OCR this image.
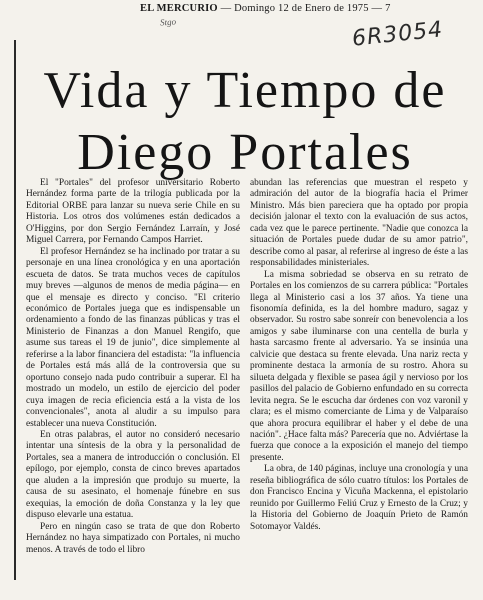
EL MERCURIO — Domingo 12 de Enero de 1975 — 7
Stgo	6R3054
Vida y Tiempo de
Diego Portales

El "Portales" del profesor universitario Roberto Hernández forma parte de la trilogía publicada por la Editorial ORBE para lanzar su nueva serie Chile en su Historia. Los otros dos volúmenes están dedicados a O'Higgins, por don Sergio Fernández Larraín, y José Miguel Carrera, por Fernando Campos Harriet.

El profesor Hernández se ha inclinado por tratar a su personaje en una línea cronológica y en una aportación escueta de datos. Se trata muchos veces de capítulos muy breves —algunos de menos de media página— en que el mensaje es directo y conciso. "El criterio económico de Portales juega que es indispensable un ordenamiento a fondo de las finanzas públicas y tras el Ministerio de Finanzas a don Manuel Rengifo, que asume sus tareas el 19 de junio", dice simplemente al referirse a la labor financiera del estadista: "la influencia de Portales está más allá de la controversia que su oportuno consejo nada pudo contribuir a superar. El ha mostrado un modelo, un estilo de ejercicio del poder cuya imagen de recia eficiencia está a la vista de los convencionales", anota al aludir a su impulso para establecer una nueva Constitución.

En otras palabras, el autor no consideró necesario intentar una síntesis de la obra y la personalidad de Portales, sea a manera de introducción o conclusión. El epílogo, por ejemplo, consta de cinco breves apartados que aluden a la impresión que produjo su muerte, la causa de su asesinato, el homenaje fúnebre en sus exequias, la emoción de doña Constanza y la ley que dispuso elevarle una estatua.

Pero en ningún caso se trata de que don Roberto Hernández no haya simpatizado con Portales, ni mucho menos. A través de todo el libro

abundan las referencias que muestran el respeto y admiración del autor de la biografía hacia el Primer Ministro. Más bien pareciera que ha optado por propia decisión jalonar el texto con la evaluación de sus actos, cada vez que le parece pertinente. "Nadie que conozca la situación de Portales puede dudar de su amor patrio", describe como al pasar, al referirse al ingreso de éste a las responsabilidades ministeriales.

La misma sobriedad se observa en su retrato de Portales en los comienzos de su carrera pública: "Portales llega al Ministerio casi a los 37 años. Ya tiene una fisonomía definida, es la del hombre maduro, sagaz y observador. Su rostro sabe sonreír con benevolencia a los amigos y sabe iluminarse con una centella de burla y hasta sarcasmo frente al adversario. Ya se insinúa una calvicie que destaca su frente elevada. Una nariz recta y prominente destaca la armonía de su rostro. Ahora su silueta delgada y flexible se pasea ágil y nervioso por los pasillos del palacio de Gobierno enfundado en su correcta levita negra. Se le escucha dar órdenes con voz varonil y clara; es el mismo comerciante de Lima y de Valparaíso que ahora procura equilibrar el haber y el debe de una nación". ¿Hace falta más? Parecería que no. Adviértase la fuerza que conoce a la exposición el manejo del tiempo presente.

La obra, de 140 páginas, incluye una cronología y una reseña bibliográfica de sólo cuatro títulos: los Portales de don Francisco Encina y Vicuña Mackenna, el epistolario reunido por Guillermo Feliú Cruz y Ernesto de la Cruz; y la Historia del Gobierno de Joaquín Prieto de Ramón Sotomayor Valdés.
